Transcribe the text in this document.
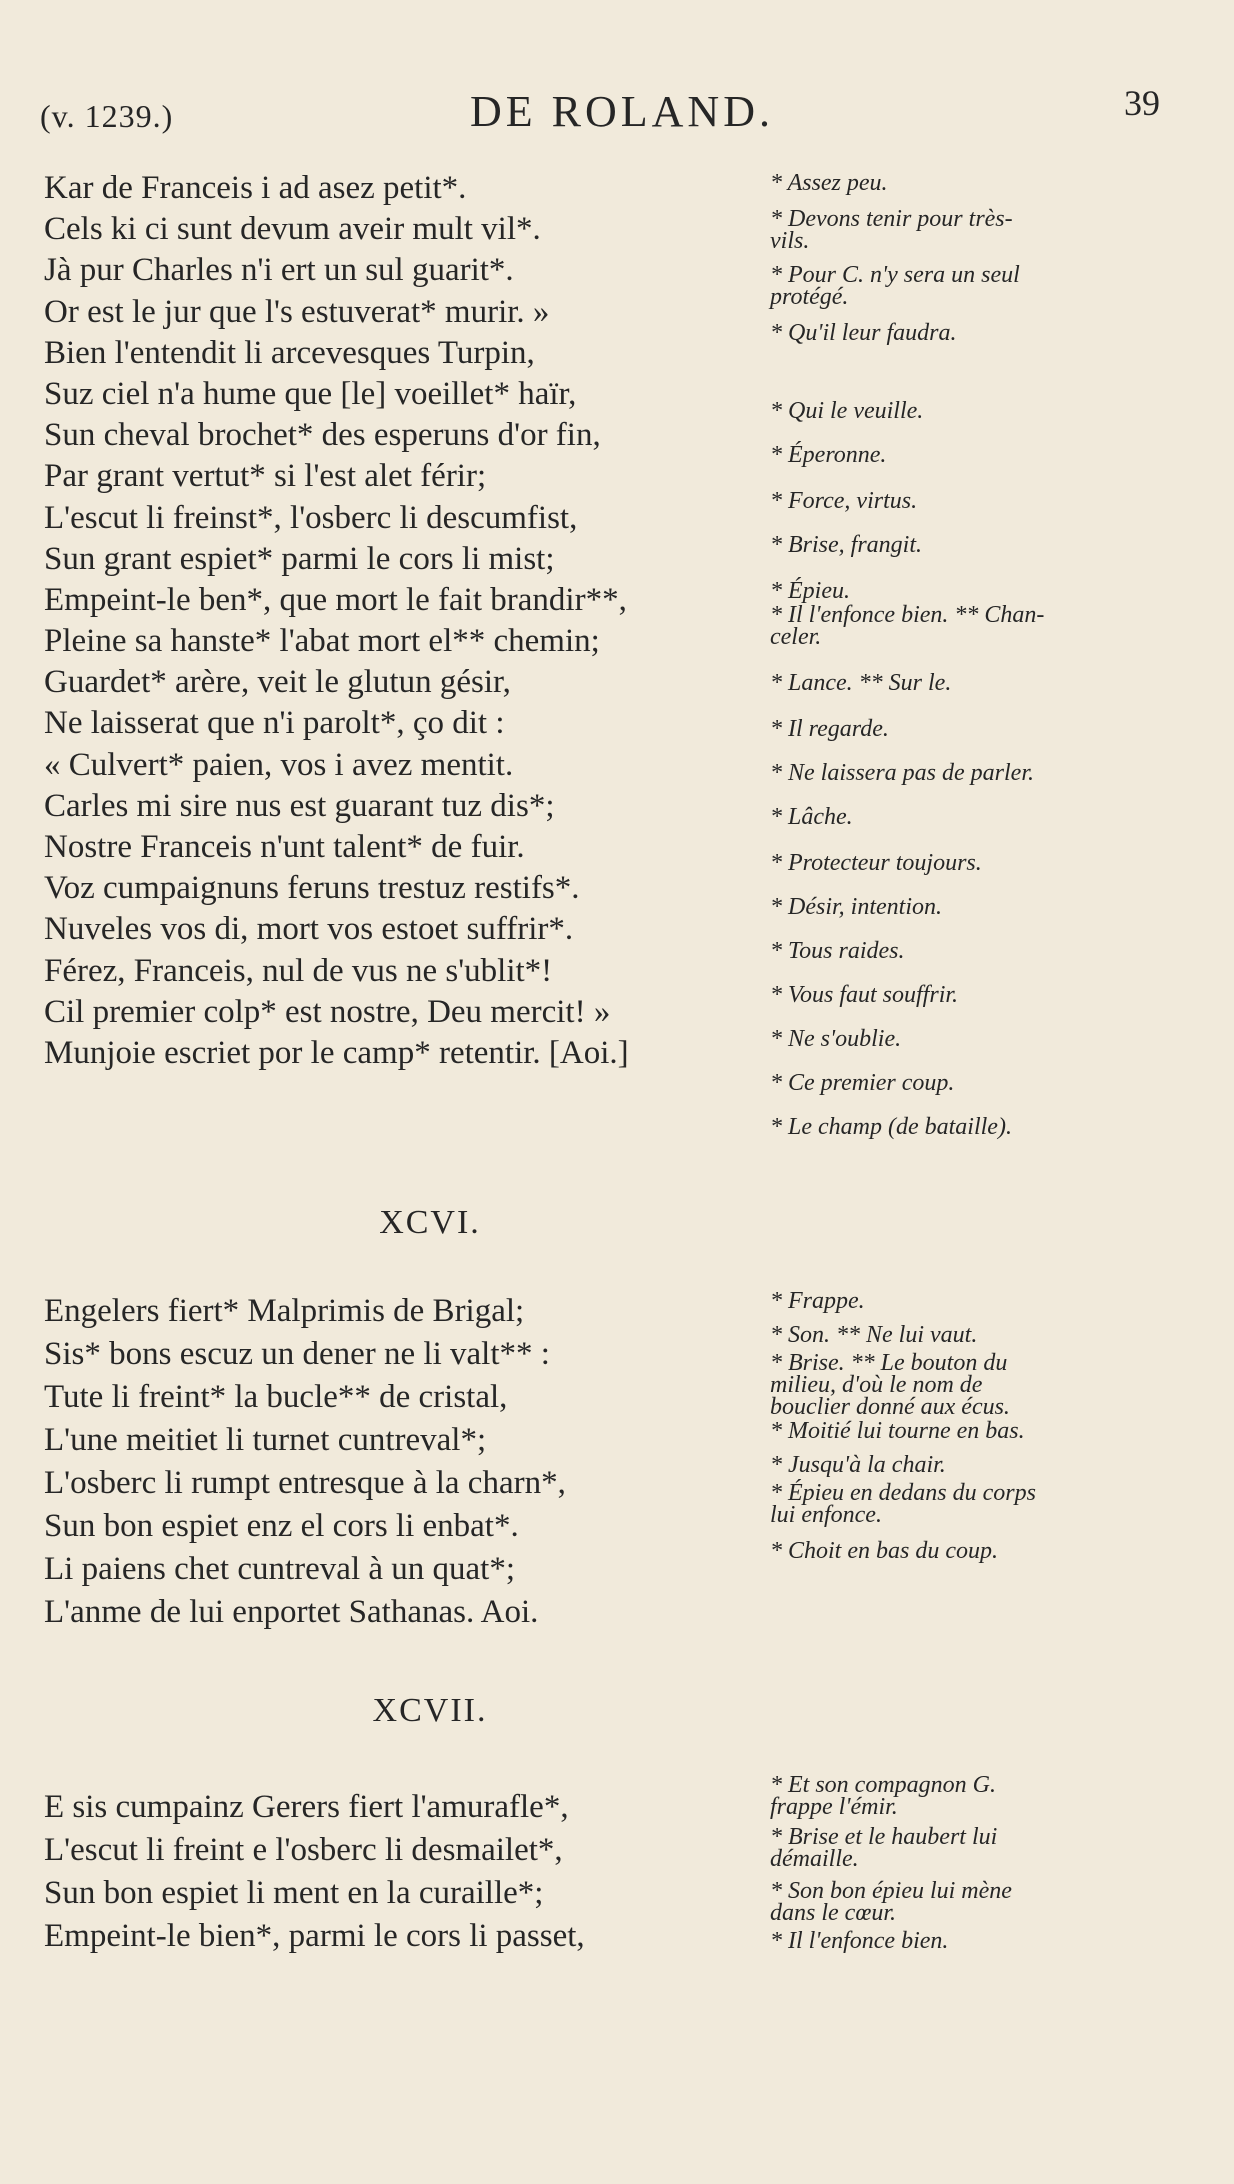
(v. 1239.)	DE ROLAND.	39
Kar de Franceis i ad asez petit*.
Cels ki ci sunt devum aveir mult vil*.
Jà pur Charles n'i ert un sul guarit*.
Or est le jur que l's estuverat* murir. »
Bien l'entendit li arcevesques Turpin,
Suz ciel n'a hume que [le] voeillet* haïr,
Sun cheval brochet* des esperuns d'or fin,
Par grant vertut* si l'est alet férir;
L'escut li freinst*, l'osberc li descumfist,
Sun grant espiet* parmi le cors li mist;
Empeint-le ben*, que mort le fait brandir**,
Pleine sa hanste* l'abat mort el** chemin;
Guardet* arère, veit le glutun gésir,
Ne laisserat que n'i parolt*, ço dit :
« Culvert* paien, vos i avez mentit.
Carles mi sire nus est guarant tuz dis*;
Nostre Franceis n'unt talent* de fuir.
Voz cumpaignuns feruns trestuz restifs*.
Nuveles vos di, mort vos estoet suffrir*.
Férez, Franceis, nul de vus ne s'ublit*!
Cil premier colp* est nostre, Deu mercit! »
Munjoie escriet por le camp* retentir. [Aoi.]
* Assez peu.
* Devons tenir pour très-
vils.
* Pour C. n'y sera un seul
protégé.
* Qu'il leur faudra.
* Qui le veuille.
* Éperonne.
* Force, virtus.
* Brise, frangit.
* Épieu.
* Il l'enfonce bien. ** Chan-
celer.
* Lance. ** Sur le.
* Il regarde.
* Ne laissera pas de parler.
* Lâche.
* Protecteur toujours.
* Désir, intention.
* Tous raides.
* Vous faut souffrir.
* Ne s'oublie.
* Ce premier coup.
* Le champ (de bataille).
XCVI.
Engelers fiert* Malprimis de Brigal;
Sis* bons escuz un dener ne li valt** :
Tute li freint* la bucle** de cristal,
L'une meitiet li turnet cuntreval*;
L'osberc li rumpt entresque à la charn*,
Sun bon espiet enz el cors li enbat*.
Li paiens chet cuntreval à un quat*;
L'anme de lui enportet Sathanas. Aoi.
* Frappe.
* Son. ** Ne lui vaut.
* Brise. ** Le bouton du
milieu, d'où le nom de
bouclier donné aux écus.
* Moitié lui tourne en bas.
* Jusqu'à la chair.
* Épieu en dedans du corps
lui enfonce.
* Choit en bas du coup.
XCVII.
E sis cumpainz Gerers fiert l'amurafle*,
L'escut li freint e l'osberc li desmailet*,
Sun bon espiet li ment en la curaille*;
Empeint-le bien*, parmi le cors li passet,
* Et son compagnon G.
frappe l'émir.
* Brise et le haubert lui
démaille.
* Son bon épieu lui mène
dans le cœur.
* Il l'enfonce bien.
